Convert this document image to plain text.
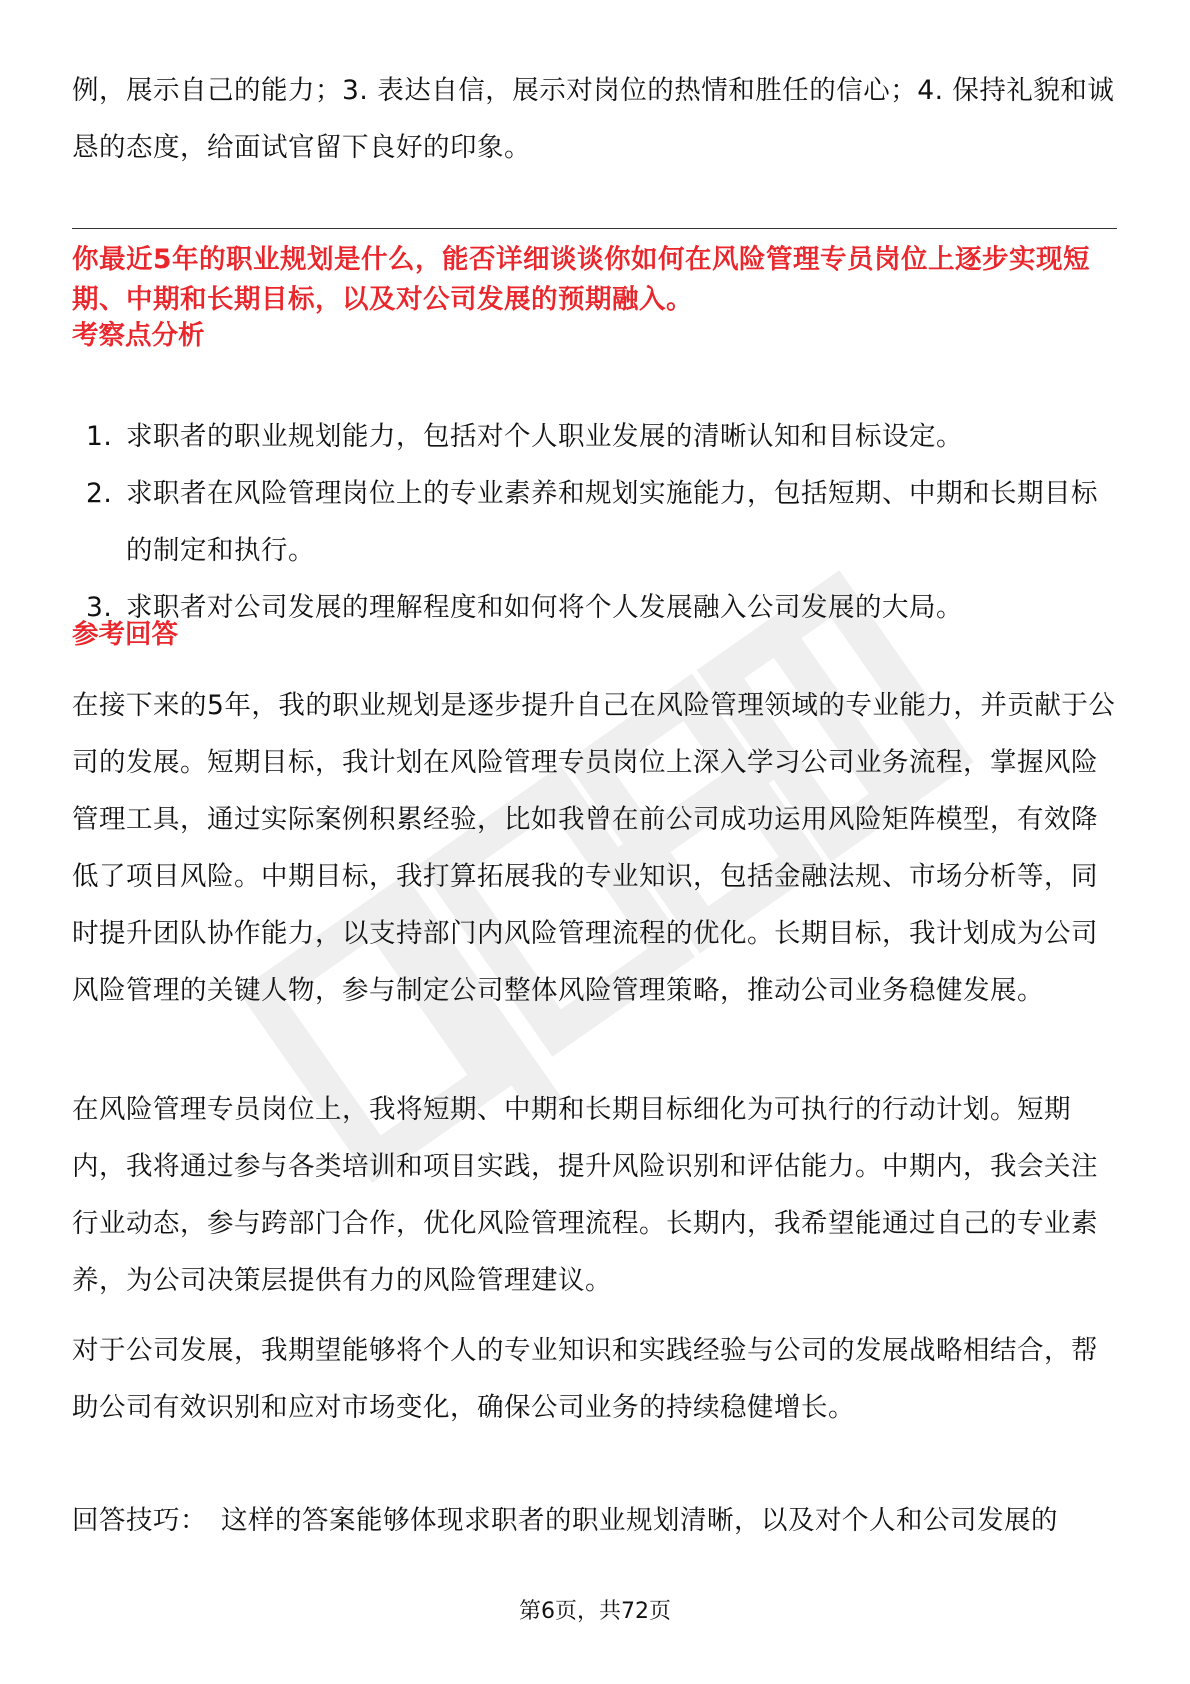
例，展示自己的能力；3. 表达自信，展示对岗位的热情和胜任的信心；4. 保持礼貌和诚恳的态度，给面试官留下良好的印象。

你最近5年的职业规划是什么，能否详细谈谈你如何在风险管理专员岗位上逐步实现短期、中期和长期目标，以及对公司发展的预期融入。

考察点分析
1. 求职者的职业规划能力，包括对个人职业发展的清晰认知和目标设定。
2. 求职者在风险管理岗位上的专业素养和规划实施能力，包括短期、中期和长期目标的制定和执行。
3. 求职者对公司发展的理解程度和如何将个人发展融入公司发展的大局。
参考回答

在接下来的5年，我的职业规划是逐步提升自己在风险管理领域的专业能力，并贡献于公司的发展。短期目标，我计划在风险管理专员岗位上深入学习公司业务流程，掌握风险管理工具，通过实际案例积累经验，比如我曾在前公司成功运用风险矩阵模型，有效降低了项目风险。中期目标，我打算拓展我的专业知识，包括金融法规、市场分析等，同时提升团队协作能力，以支持部门内风险管理流程的优化。长期目标，我计划成为公司风险管理的关键人物，参与制定公司整体风险管理策略，推动公司业务稳健发展。

在风险管理专员岗位上，我将短期、中期和长期目标细化为可执行的行动计划。短期内，我将通过参与各类培训和项目实践，提升风险识别和评估能力。中期内，我会关注行业动态，参与跨部门合作，优化风险管理流程。长期内，我希望能通过自己的专业素养，为公司决策层提供有力的风险管理建议。

对于公司发展，我期望能够将个人的专业知识和实践经验与公司的发展战略相结合，帮助公司有效识别和应对市场变化，确保公司业务的持续稳健增长。

回答技巧： 这样的答案能够体现求职者的职业规划清晰，以及对个人和公司发展的

第6页，共72页
